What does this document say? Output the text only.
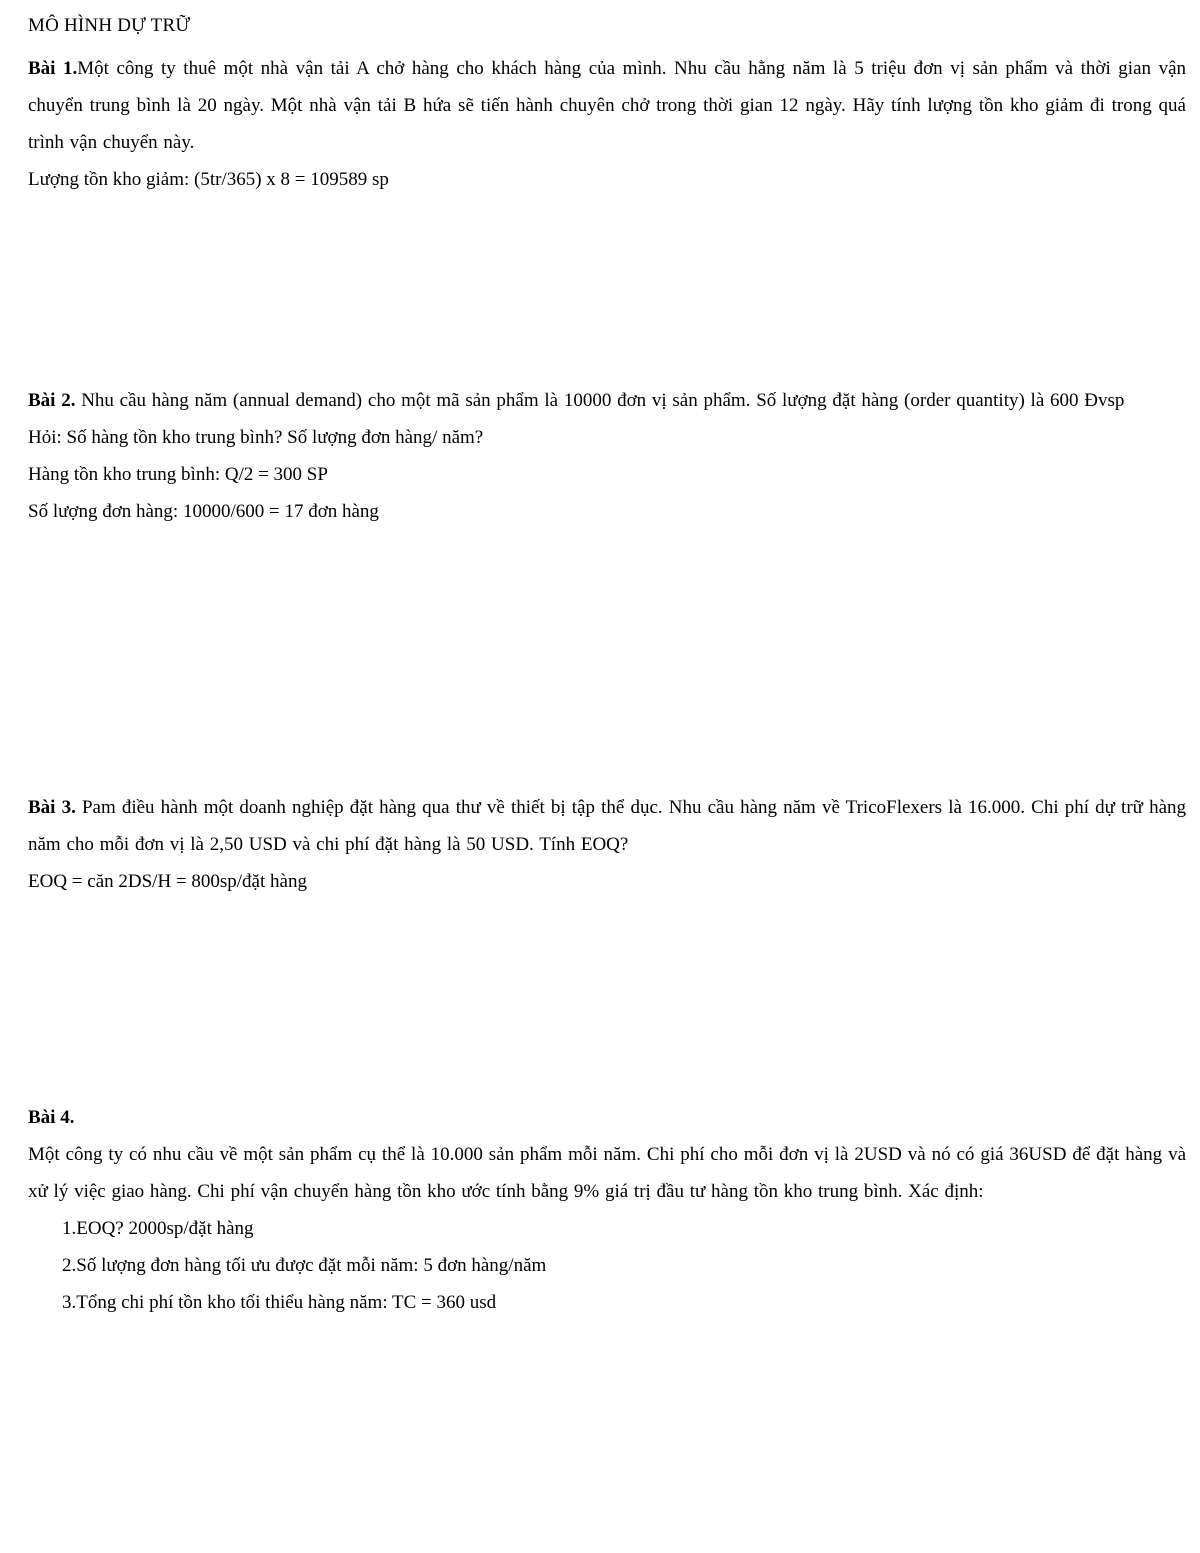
MÔ HÌNH DỰ TRỮ

Bài 1.Một công ty thuê một nhà vận tải A chở hàng cho khách hàng của mình. Nhu cầu hằng năm là 5 triệu đơn vị sản phẩm và thời gian vận chuyển trung bình là 20 ngày. Một nhà vận tải B hứa sẽ tiến hành chuyên chở trong thời gian 12 ngày. Hãy tính lượng tồn kho giảm đi trong quá trình vận chuyển này.

Lượng tồn kho giảm: (5tr/365) x 8 = 109589 sp

Bài 2. Nhu cầu hàng năm (annual demand) cho một mã sản phẩm là 10000 đơn vị sản phẩm. Số lượng đặt hàng (order quantity) là 600 Đvsp

Hỏi: Số hàng tồn kho trung bình? Số lượng đơn hàng/ năm?

Hàng tồn kho trung bình: Q/2 = 300 SP

Số lượng đơn hàng: 10000/600 = 17 đơn hàng

Bài 3. Pam điều hành một doanh nghiệp đặt hàng qua thư về thiết bị tập thể dục. Nhu cầu hàng năm về TricoFlexers là 16.000. Chi phí dự trữ hàng năm cho mỗi đơn vị là 2,50 USD và chi phí đặt hàng là 50 USD. Tính EOQ?

EOQ = căn 2DS/H = 800sp/đặt hàng

Bài 4.

Một công ty có nhu cầu về một sản phẩm cụ thể là 10.000 sản phẩm mỗi năm. Chi phí cho mỗi đơn vị là 2USD và nó có giá 36USD để đặt hàng và xử lý việc giao hàng. Chi phí vận chuyển hàng tồn kho ước tính bằng 9% giá trị đầu tư hàng tồn kho trung bình. Xác định:

1.EOQ? 2000sp/đặt hàng
2.Số lượng đơn hàng tối ưu được đặt mỗi năm: 5 đơn hàng/năm
3.Tổng chi phí tồn kho tối thiểu hàng năm: TC = 360 usd
